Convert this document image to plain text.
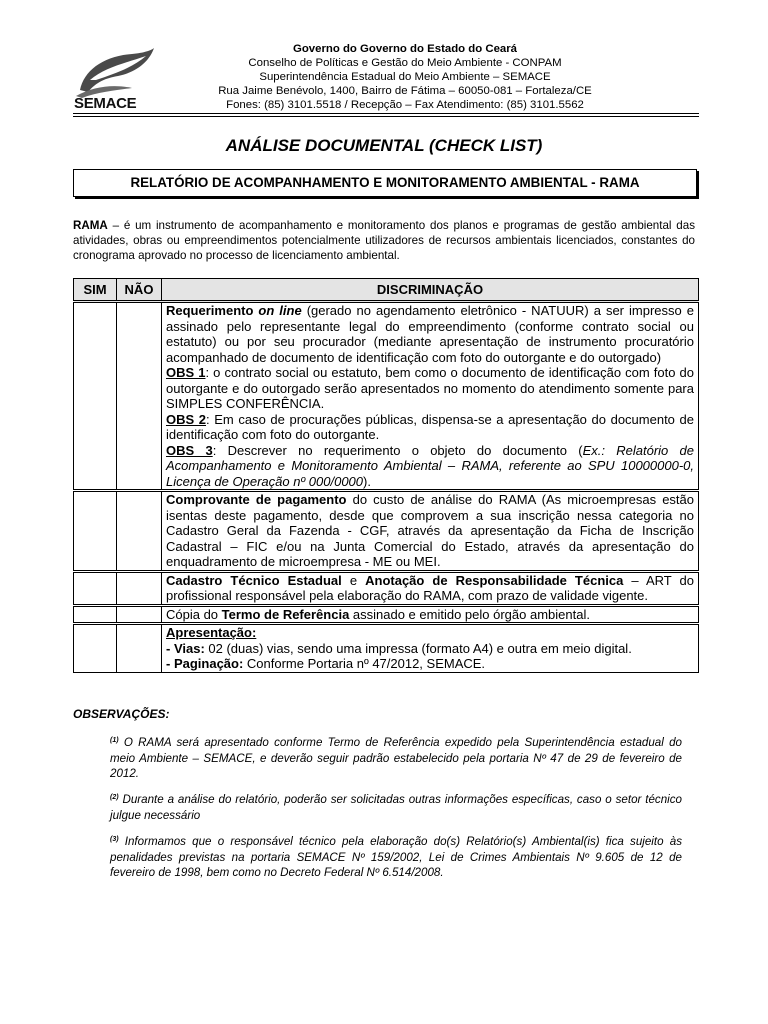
SEMACE
Governo do Governo do Estado do Ceará
Conselho de Políticas e Gestão do Meio Ambiente - CONPAM
Superintendência Estadual do Meio Ambiente – SEMACE
Rua Jaime Benévolo, 1400, Bairro de Fátima – 60050-081 – Fortaleza/CE
Fones: (85) 3101.5518 / Recepção – Fax Atendimento: (85) 3101.5562
ANÁLISE DOCUMENTAL (CHECK LIST)
RELATÓRIO DE ACOMPANHAMENTO E MONITORAMENTO AMBIENTAL - RAMA
RAMA – é um instrumento de acompanhamento e monitoramento dos planos e programas de gestão ambiental das atividades, obras ou empreendimentos potencialmente utilizadores de recursos ambientais licenciados, constantes do cronograma aprovado no processo de licenciamento ambiental.
SIM	NÃO	DISCRIMINAÇÃO

		Requerimento on line (gerado no agendamento eletrônico - NATUUR) a ser impresso e assinado pelo representante legal do empreendimento (conforme contrato social ou estatuto) ou por seu procurador (mediante apresentação de instrumento procuratório acompanhado de documento de identificação com foto do outorgante e do outorgado)
OBS 1: o contrato social ou estatuto, bem como o documento de identificação com foto do outorgante e do outorgado serão apresentados no momento do atendimento somente para SIMPLES CONFERÊNCIA.
OBS 2: Em caso de procurações públicas, dispensa-se a apresentação do documento de identificação com foto do outorgante.
OBS 3: Descrever no requerimento o objeto do documento (Ex.: Relatório de Acompanhamento e Monitoramento Ambiental – RAMA, referente ao SPU 10000000-0, Licença de Operação nº 000/0000).

		Comprovante de pagamento do custo de análise do RAMA (As microempresas estão isentas deste pagamento, desde que comprovem a sua inscrição nessa categoria no Cadastro Geral da Fazenda - CGF, através da apresentação da Ficha de Inscrição Cadastral – FIC e/ou na Junta Comercial do Estado, através da apresentação do enquadramento de microempresa - ME ou MEI.
		Cadastro Técnico Estadual e Anotação de Responsabilidade Técnica – ART do profissional responsável pela elaboração do RAMA, com prazo de validade vigente.
		Cópia do Termo de Referência assinado e emitido pelo órgão ambiental.

		Apresentação:
- Vias: 02 (duas) vias, sendo uma impressa (formato A4) e outra em meio digital.
- Paginação: Conforme Portaria nº 47/2012, SEMACE.
OBSERVAÇÕES:
$^{(1)}$ O RAMA será apresentado conforme Termo de Referência expedido pela Superintendência estadual do meio Ambiente – SEMACE, e deverão seguir padrão estabelecido pela portaria Nº 47 de 29 de fevereiro de 2012.
$^{(2)}$ Durante a análise do relatório, poderão ser solicitadas outras informações específicas, caso o setor técnico julgue necessário
$^{(3)}$ Informamos que o responsável técnico pela elaboração do(s) Relatório(s) Ambiental(is) fica sujeito às penalidades previstas na portaria SEMACE Nº 159/2002, Lei de Crimes Ambientais Nº 9.605 de 12 de fevereiro de 1998, bem como no Decreto Federal Nº 6.514/2008.
